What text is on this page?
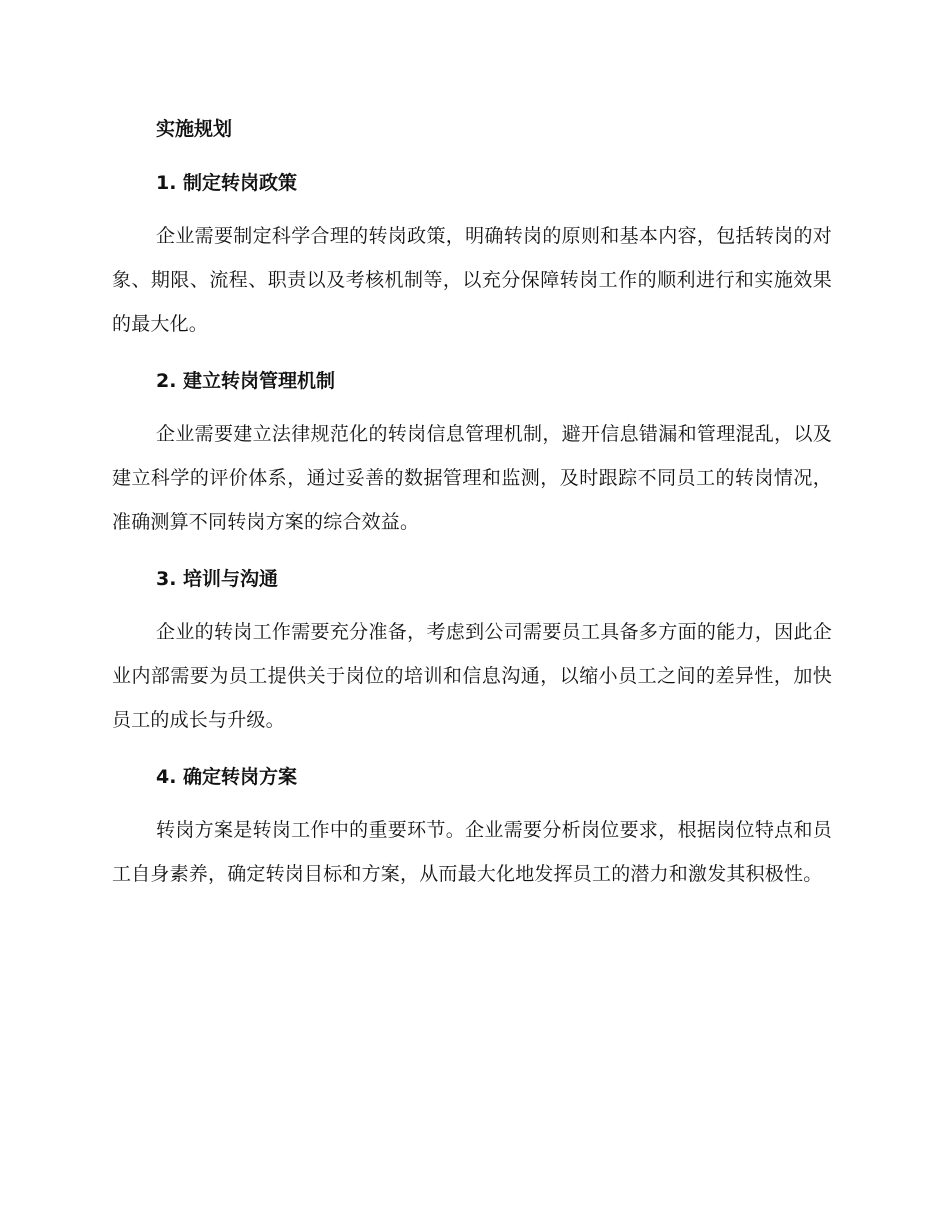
实施规划
1. 制定转岗政策

企业需要制定科学合理的转岗政策，明确转岗的原则和基本内容，包括转岗的对象、期限、流程、职责以及考核机制等，以充分保障转岗工作的顺利进行和实施效果的最大化。

2. 建立转岗管理机制

企业需要建立法律规范化的转岗信息管理机制，避开信息错漏和管理混乱，以及建立科学的评价体系，通过妥善的数据管理和监测，及时跟踪不同员工的转岗情况，准确测算不同转岗方案的综合效益。

3. 培训与沟通

企业的转岗工作需要充分准备，考虑到公司需要员工具备多方面的能力，因此企业内部需要为员工提供关于岗位的培训和信息沟通，以缩小员工之间的差异性，加快员工的成长与升级。

4. 确定转岗方案

转岗方案是转岗工作中的重要环节。企业需要分析岗位要求，根据岗位特点和员工自身素养，确定转岗目标和方案，从而最大化地发挥员工的潜力和激发其积极性。
